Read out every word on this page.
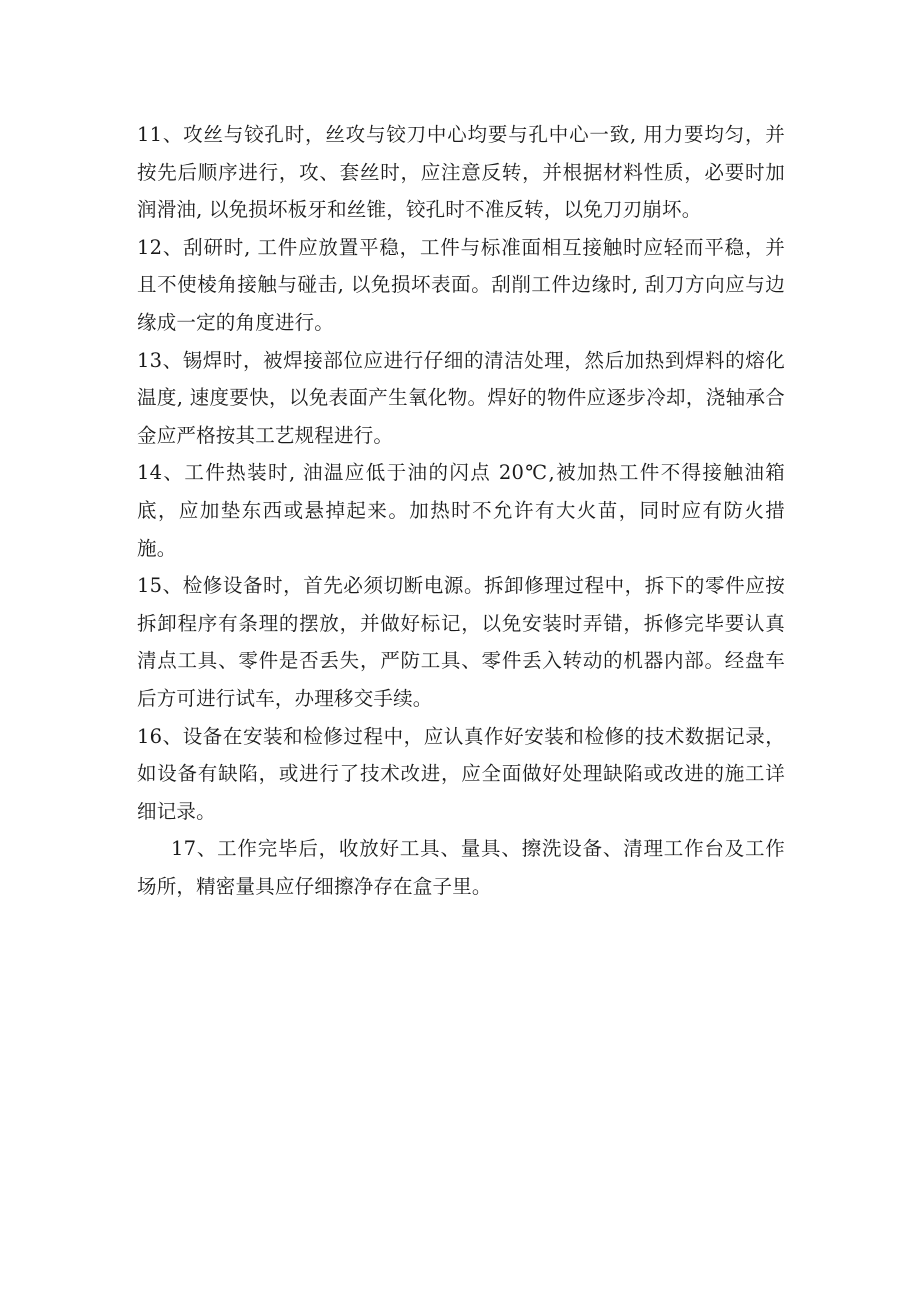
11、攻丝与铰孔时，丝攻与铰刀中心均要与孔中心一致, 用力要均匀，并按先后顺序进行，攻、套丝时，应注意反转，并根据材料性质，必要时加润滑油, 以免损坏板牙和丝锥，铰孔时不准反转，以免刀刃崩坏。

12、刮研时, 工件应放置平稳，工件与标准面相互接触时应轻而平稳，并且不使棱角接触与碰击, 以免损坏表面。刮削工件边缘时, 刮刀方向应与边缘成一定的角度进行。

13、锡焊时，被焊接部位应进行仔细的清洁处理，然后加热到焊料的熔化温度, 速度要快，以免表面产生氧化物。焊好的物件应逐步冷却，浇轴承合金应严格按其工艺规程进行。

14、工件热装时, 油温应低于油的闪点 20℃,被加热工件不得接触油箱底，应加垫东西或悬掉起来。加热时不允许有大火苗，同时应有防火措施。

15、检修设备时，首先必须切断电源。拆卸修理过程中，拆下的零件应按拆卸程序有条理的摆放，并做好标记，以免安装时弄错，拆修完毕要认真清点工具、零件是否丢失，严防工具、零件丢入转动的机器内部。经盘车后方可进行试车，办理移交手续。

16、设备在安装和检修过程中，应认真作好安装和检修的技术数据记录，如设备有缺陷，或进行了技术改进，应全面做好处理缺陷或改进的施工详细记录。

17、工作完毕后，收放好工具、量具、擦洗设备、清理工作台及工作场所，精密量具应仔细擦净存在盒子里。
